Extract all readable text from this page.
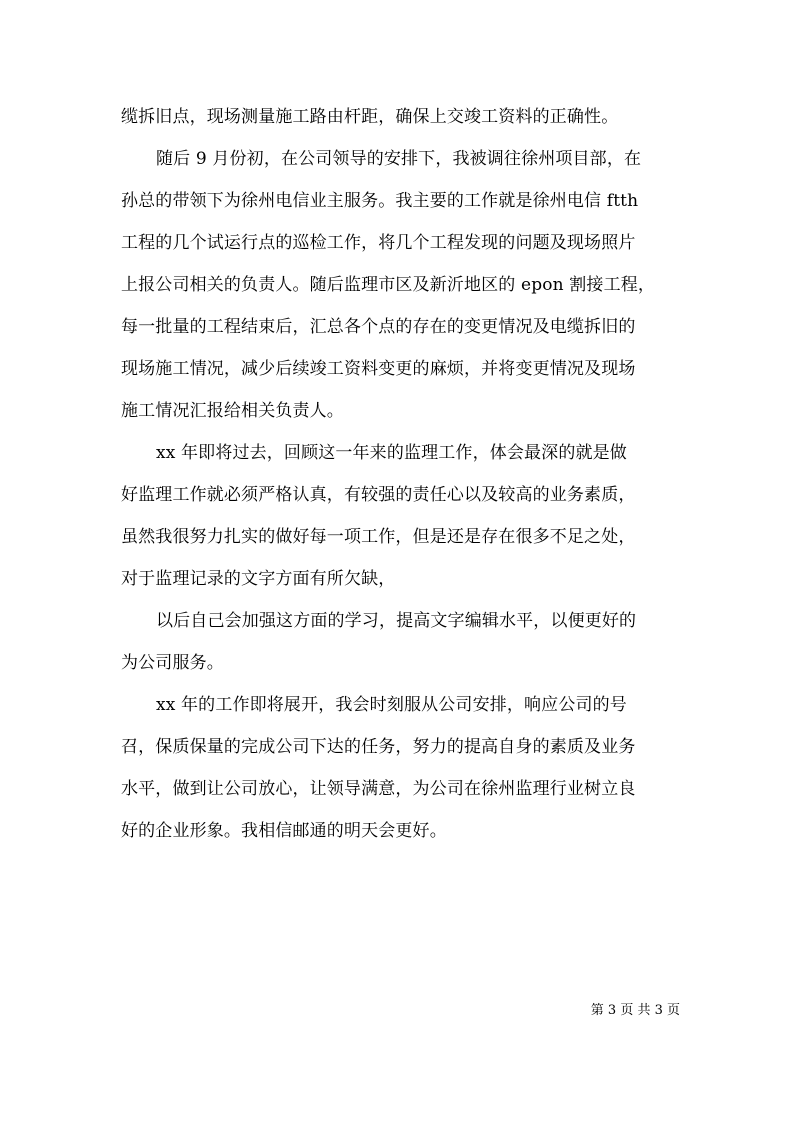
缆拆旧点，现场测量施工路由杆距，确保上交竣工资料的正确性。
随后 9 月份初，在公司领导的安排下，我被调往徐州项目部，在
孙总的带领下为徐州电信业主服务。我主要的工作就是徐州电信 ftth
工程的几个试运行点的巡检工作，将几个工程发现的问题及现场照片
上报公司相关的负责人。随后监理市区及新沂地区的 epon 割接工程，
每一批量的工程结束后，汇总各个点的存在的变更情况及电缆拆旧的
现场施工情况，减少后续竣工资料变更的麻烦，并将变更情况及现场
施工情况汇报给相关负责人。
xx 年即将过去，回顾这一年来的监理工作，体会最深的就是做
好监理工作就必须严格认真，有较强的责任心以及较高的业务素质，
虽然我很努力扎实的做好每一项工作，但是还是存在很多不足之处，
对于监理记录的文字方面有所欠缺，
以后自己会加强这方面的学习，提高文字编辑水平，以便更好的
为公司服务。
xx 年的工作即将展开，我会时刻服从公司安排，响应公司的号
召，保质保量的完成公司下达的任务，努力的提高自身的素质及业务
水平，做到让公司放心，让领导满意，为公司在徐州监理行业树立良
好的企业形象。我相信邮通的明天会更好。
第 3 页 共 3 页
